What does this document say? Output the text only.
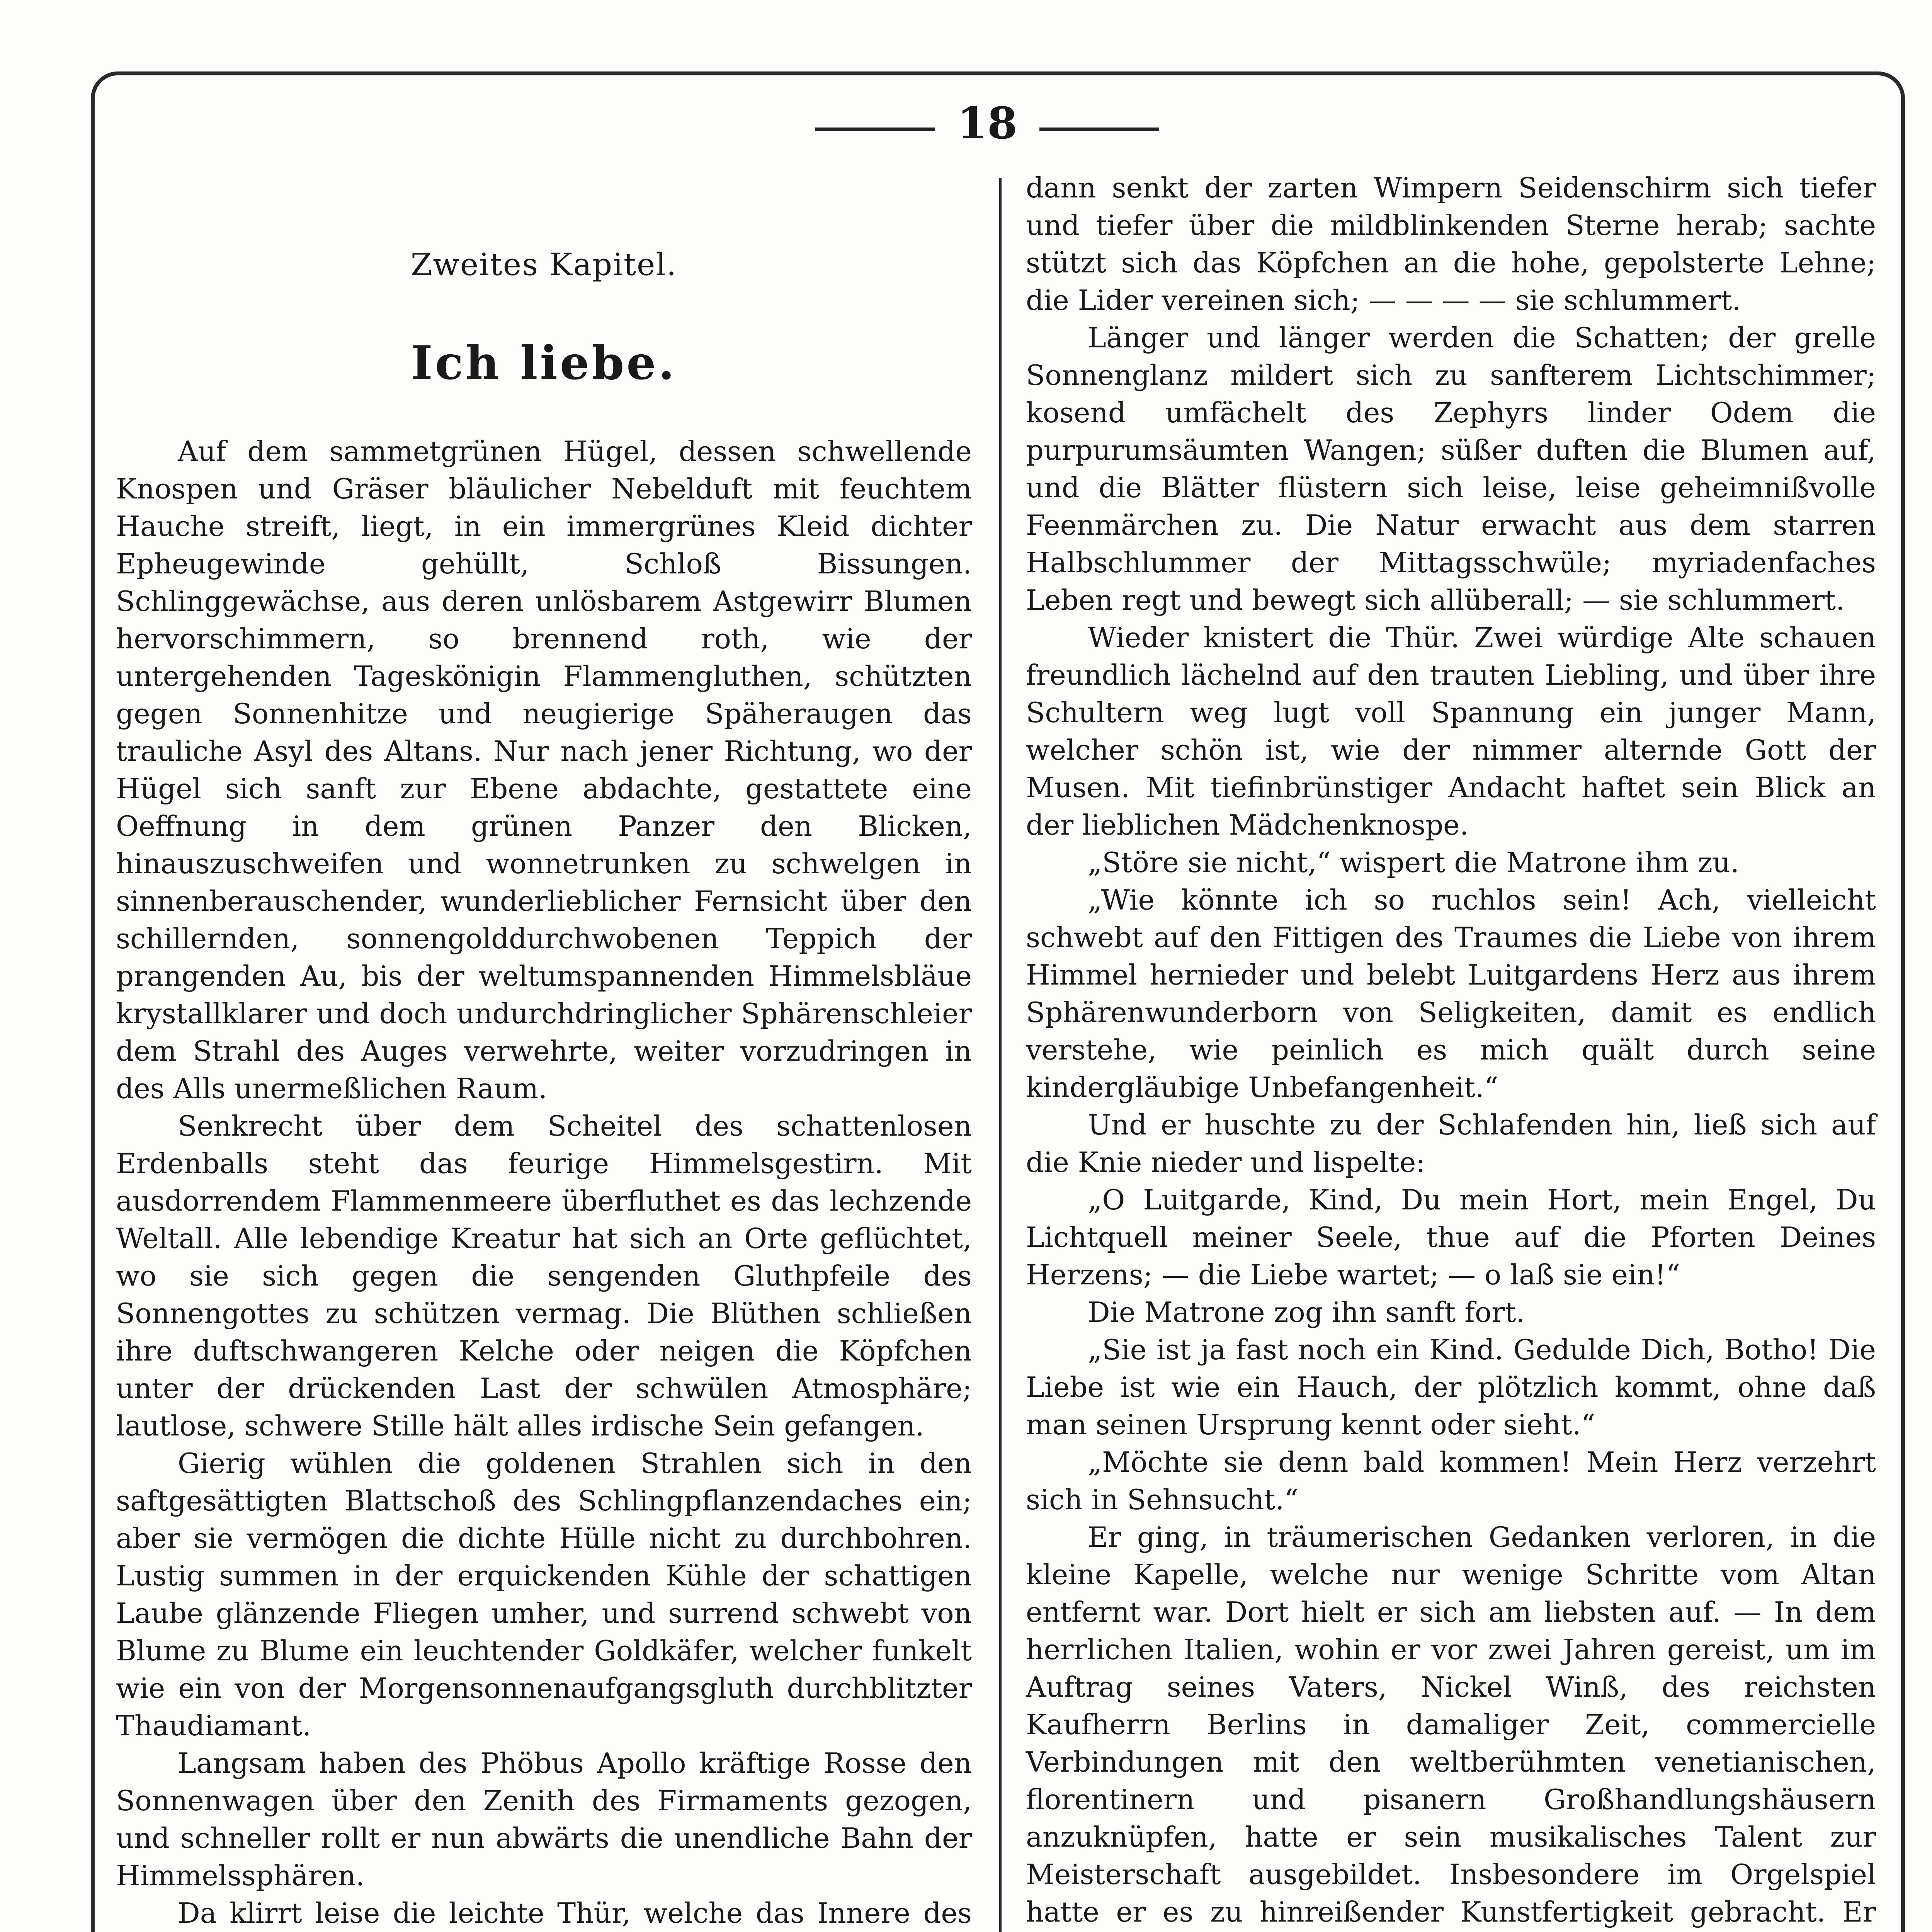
18
Zweites Kapitel.
Ich liebe.

Auf dem sammetgrünen Hügel, dessen schwellende Knospen und Gräser bläulicher Nebelduft mit feuchtem Hauche streift, liegt, in ein immergrünes Kleid dichter Epheugewinde gehüllt, Schloß Bissungen. Schlinggewächse, aus deren unlösbarem Astgewirr Blumen hervorschimmern, so brennend roth, wie der untergehenden Tageskönigin Flammengluthen, schützten gegen Sonnenhitze und neugierige Späheraugen das trauliche Asyl des Altans. Nur nach jener Richtung, wo der Hügel sich sanft zur Ebene abdachte, gestattete eine Oeffnung in dem grünen Panzer den Blicken, hinauszuschweifen und wonnetrunken zu schwelgen in sinnenberauschender, wunderlieblicher Fernsicht über den schillernden, sonnengolddurchwobenen Teppich der prangenden Au, bis der weltumspannenden Himmelsbläue krystallklarer und doch undurchdringlicher Sphärenschleier dem Strahl des Auges verwehrte, weiter vorzudringen in des Alls unermeßlichen Raum.

Senkrecht über dem Scheitel des schattenlosen Erdenballs steht das feurige Himmelsgestirn. Mit ausdorrendem Flammenmeere überfluthet es das lechzende Weltall. Alle lebendige Kreatur hat sich an Orte geflüchtet, wo sie sich gegen die sengenden Gluthpfeile des Sonnengottes zu schützen vermag. Die Blüthen schließen ihre duftschwangeren Kelche oder neigen die Köpfchen unter der drückenden Last der schwülen Atmosphäre; lautlose, schwere Stille hält alles irdische Sein gefangen.

Gierig wühlen die goldenen Strahlen sich in den saftgesättigten Blattschoß des Schlingpflanzendaches ein; aber sie vermögen die dichte Hülle nicht zu durchbohren. Lustig summen in der erquickenden Kühle der schattigen Laube glänzende Fliegen umher, und surrend schwebt von Blume zu Blume ein leuchtender Goldkäfer, welcher funkelt wie ein von der Morgensonnenaufgangsgluth durchblitzter Thaudiamant.

Langsam haben des Phöbus Apollo kräftige Rosse den Sonnenwagen über den Zenith des Firmaments gezogen, und schneller rollt er nun abwärts die unendliche Bahn der Himmelssphären.

Da klirrt leise die leichte Thür, welche das Innere des

dann senkt der zarten Wimpern Seidenschirm sich tiefer und tiefer über die mildblinkenden Sterne herab; sachte stützt sich das Köpfchen an die hohe, gepolsterte Lehne; die Lider vereinen sich; — — — — sie schlummert.

Länger und länger werden die Schatten; der grelle Sonnenglanz mildert sich zu sanfterem Lichtschimmer; kosend umfächelt des Zephyrs linder Odem die purpurumsäumten Wangen; süßer duften die Blumen auf, und die Blätter flüstern sich leise, leise geheimnißvolle Feenmärchen zu. Die Natur erwacht aus dem starren Halbschlummer der Mittagsschwüle; myriadenfaches Leben regt und bewegt sich allüberall; — sie schlummert.

Wieder knistert die Thür. Zwei würdige Alte schauen freundlich lächelnd auf den trauten Liebling, und über ihre Schultern weg lugt voll Spannung ein junger Mann, welcher schön ist, wie der nimmer alternde Gott der Musen. Mit tiefinbrünstiger Andacht haftet sein Blick an der lieblichen Mädchenknospe.

„Störe sie nicht,“ wispert die Matrone ihm zu.

„Wie könnte ich so ruchlos sein! Ach, vielleicht schwebt auf den Fittigen des Traumes die Liebe von ihrem Himmel hernieder und belebt Luitgardens Herz aus ihrem Sphärenwunderborn von Seligkeiten, damit es endlich verstehe, wie peinlich es mich quält durch seine kindergläubige Unbefangenheit.“

Und er huschte zu der Schlafenden hin, ließ sich auf die Knie nieder und lispelte:

„O Luitgarde, Kind, Du mein Hort, mein Engel, Du Lichtquell meiner Seele, thue auf die Pforten Deines Herzens; — die Liebe wartet; — o laß sie ein!“

Die Matrone zog ihn sanft fort.

„Sie ist ja fast noch ein Kind. Geduldе Dich, Botho! Die Liebe ist wie ein Hauch, der plötzlich kommt, ohne daß man seinen Ursprung kennt oder sieht.“

„Möchte sie denn bald kommen! Mein Herz verzehrt sich in Sehnsucht.“

Er ging, in träumerischen Gedanken verloren, in die kleine Kapelle, welche nur wenige Schritte vom Altan entfernt war. Dort hielt er sich am liebsten auf. — In dem herrlichen Italien, wohin er vor zwei Jahren gereist, um im Auftrag seines Vaters, Nickel Winß, des reichsten Kaufherrn Berlins in damaliger Zeit, commercielle Verbindungen mit den weltberühmten venetianischen, florentinern und pisanern Großhandlungshäusern anzuknüpfen, hatte er sein musikalisches Talent zur Meisterschaft ausgebildet. Insbesondere im Orgelspiel hatte er es zu hinreißender Kunstfertigkeit gebracht. Er
